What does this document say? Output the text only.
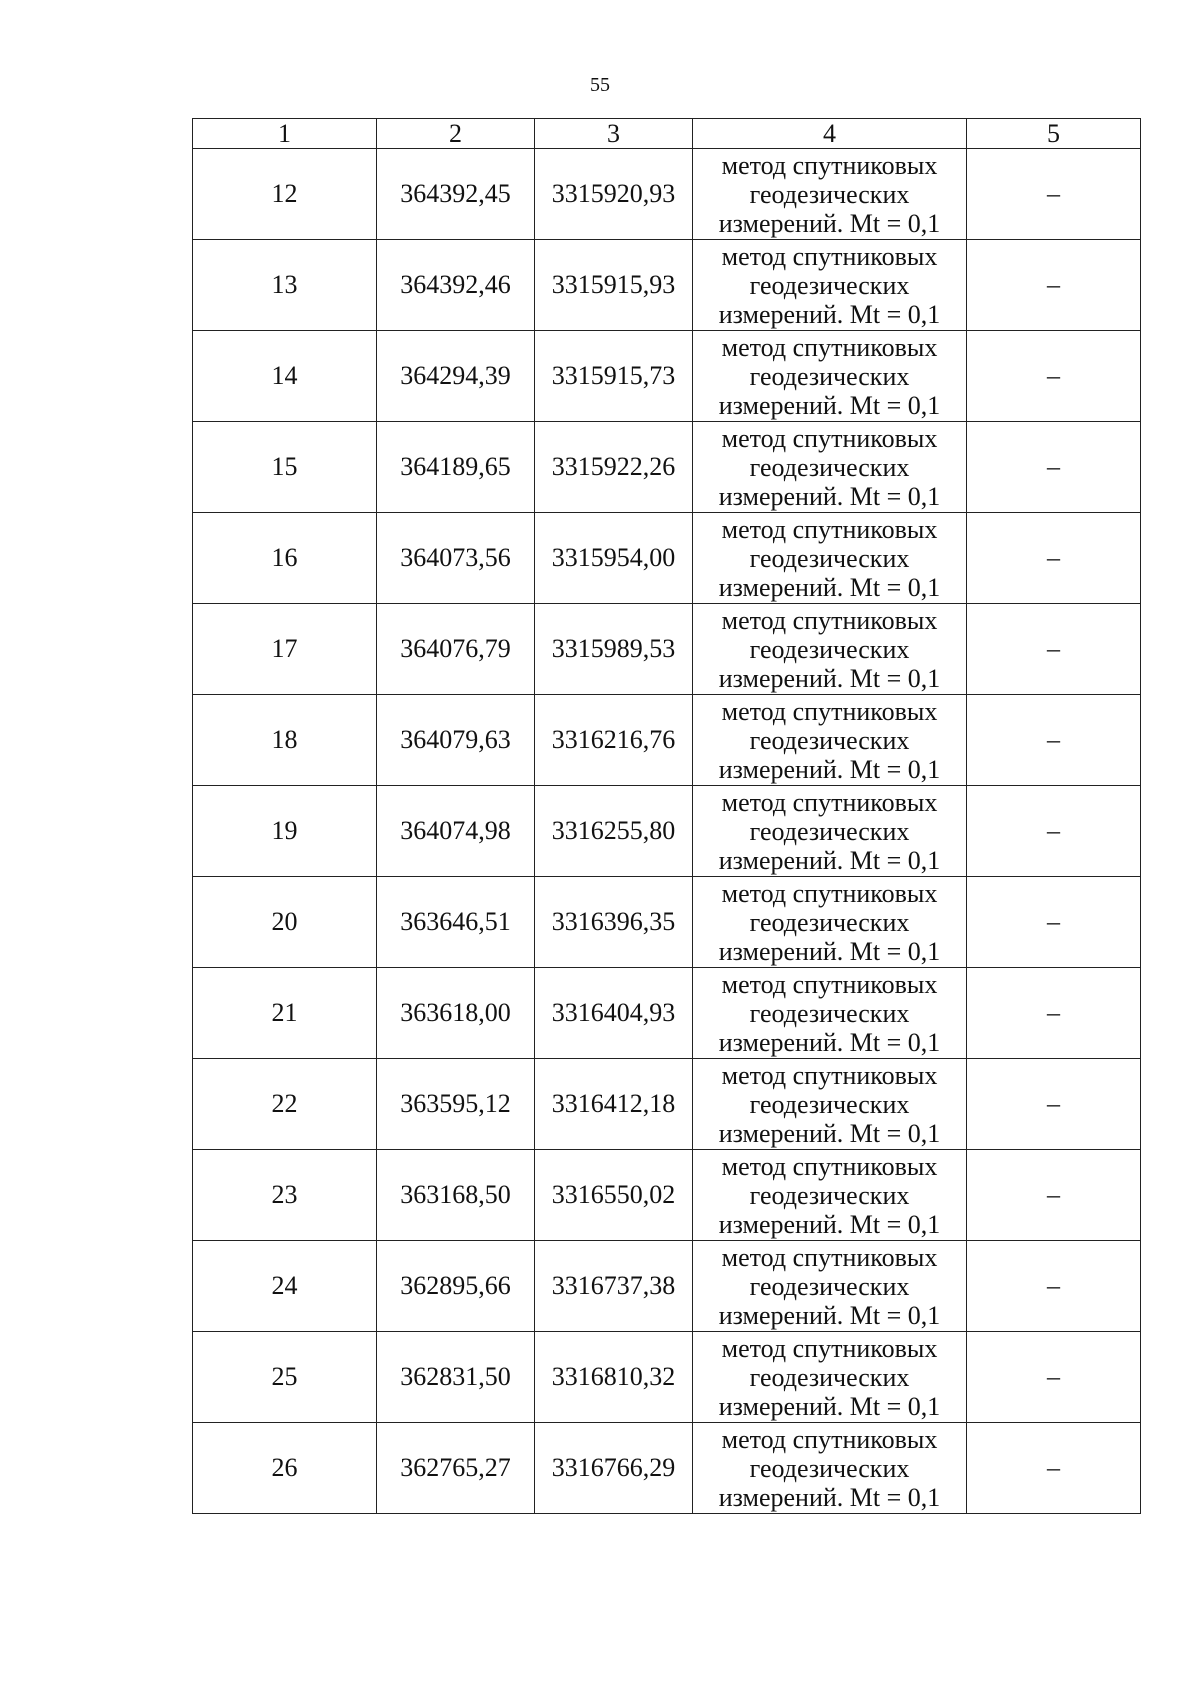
55
1	2	3	4	5
12	364392,45	3315920,93	метод спутниковых
геодезических
измерений. Mt = 0,1	–
13	364392,46	3315915,93	метод спутниковых
геодезических
измерений. Mt = 0,1	–
14	364294,39	3315915,73	метод спутниковых
геодезических
измерений. Mt = 0,1	–
15	364189,65	3315922,26	метод спутниковых
геодезических
измерений. Mt = 0,1	–
16	364073,56	3315954,00	метод спутниковых
геодезических
измерений. Mt = 0,1	–
17	364076,79	3315989,53	метод спутниковых
геодезических
измерений. Mt = 0,1	–
18	364079,63	3316216,76	метод спутниковых
геодезических
измерений. Mt = 0,1	–
19	364074,98	3316255,80	метод спутниковых
геодезических
измерений. Mt = 0,1	–
20	363646,51	3316396,35	метод спутниковых
геодезических
измерений. Mt = 0,1	–
21	363618,00	3316404,93	метод спутниковых
геодезических
измерений. Mt = 0,1	–
22	363595,12	3316412,18	метод спутниковых
геодезических
измерений. Mt = 0,1	–
23	363168,50	3316550,02	метод спутниковых
геодезических
измерений. Mt = 0,1	–
24	362895,66	3316737,38	метод спутниковых
геодезических
измерений. Mt = 0,1	–
25	362831,50	3316810,32	метод спутниковых
геодезических
измерений. Mt = 0,1	–
26	362765,27	3316766,29	метод спутниковых
геодезических
измерений. Mt = 0,1	–
